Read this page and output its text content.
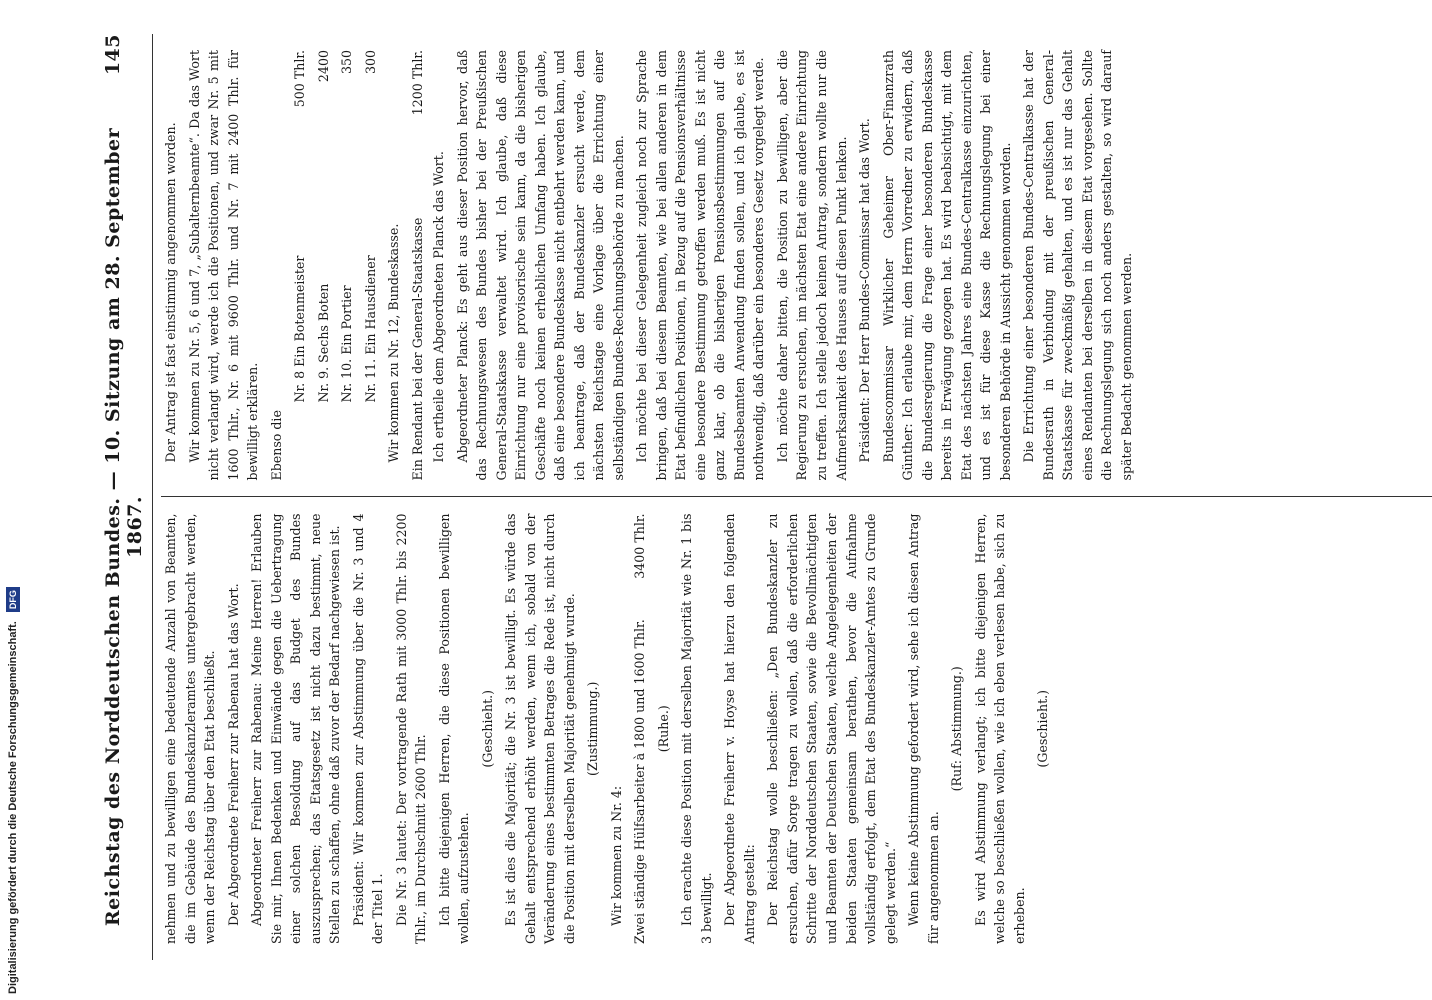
Digitalisierung gefördert durch die Deutsche Forschungsgemeinschaft. DFG	Reichstag des Norddeutschen Bundes. — 10. Sitzung am 28. September 1867.
145

nehmen und zu bewilligen eine bedeutende Anzahl von Beamten, die im Gebäude des Bundeskanzleramtes untergebracht werden, wenn der Reichstag über den Etat beschließt. Der Abgeordnete Freiherr zur Rabenau hat das Wort. Abgeordneter Freiherr zur Rabenau: Meine Herren! Erlauben Sie mir, Ihnen Bedenken und Einwände gegen die Uebertragung einer solchen Besoldung auf das Budget des Bundes auszusprechen; das Etatsgesetz ist nicht dazu bestimmt, neue Stellen zu schaffen, ohne daß zuvor der Bedarf nachgewiesen ist. Präsident: Wir kommen zur Abstimmung über die Nr. 3 und 4 der Titel 1. Die Nr. 3 lautet: Der vortragende Rath mit 3000 Thlr. bis 2200 Thlr., im Durchschnitt 2600 Thlr. Ich bitte diejenigen Herren, die diese Positionen bewilligen wollen, aufzustehen.

(Geschieht.) Es ist dies die Majorität; die Nr. 3 ist bewilligt. Es würde das Gehalt entsprechend erhöht werden, wenn ich, sobald von der Veränderung eines bestimmten Betrages die Rede ist, nicht durch die Position mit derselben Majorität genehmigt wurde. (Zustimmung.)

Wir kommen zu Nr. 4: Zwei ständige Hülfsarbeiter à 1800 und 1600 Thlr.
3400 Thlr.

(Ruhe.) Ich erachte diese Position mit derselben Majorität wie Nr. 1 bis 3 bewilligt. Der Abgeordnete Freiherr v. Hoyse hat hierzu den folgenden Antrag gestellt: Der Reichstag wolle beschließen: „Den Bundeskanzler zu ersuchen, dafür Sorge tragen zu wollen, daß die erforderlichen Schritte der Norddeutschen Staaten, sowie die Bevollmächtigten und Beamten der Deutschen Staaten, welche Angelegenheiten der beiden Staaten gemeinsam berathen, bevor die Aufnahme vollständig erfolgt, dem Etat des Bundeskanzler-Amtes zu Grunde gelegt werden.“ Wenn keine Abstimmung gefordert wird, sehe ich diesen Antrag für angenommen an.

(Ruf: Abstimmung.) Es wird Abstimmung verlangt; ich bitte diejenigen Herren, welche so beschließen wollen, wie ich eben verlesen habe, sich zu erheben.

(Geschieht.)

Der Antrag ist fast einstimmig angenommen worden. Wir kommen zu Nr. 5, 6 und 7, „Subalternbeamte“. Da das Wort nicht verlangt wird, werde ich die Positionen, und zwar Nr. 5 mit 1600 Thlr., Nr. 6 mit 9600 Thlr. und Nr. 7 mit 2400 Thlr. für bewilligt erklären. Ebenso die

Nr. 8 Ein Botenmeister
500 Thlr.

Nr. 9. Sechs Boten
2400

Nr. 10. Ein Portier
350

Nr. 11. Ein Hausdiener
300

Wir kommen zu Nr. 12, Bundeskasse. Ein Rendant bei der General-Staatskasse
1200 Thlr.

Ich ertheile dem Abgeordneten Planck das Wort. Abgeordneter Planck: Es geht aus dieser Position hervor, daß das Rechnungswesen des Bundes bisher bei der Preußischen General-Staatskasse verwaltet wird. Ich glaube, daß diese Einrichtung nur eine provisorische sein kann, da die bisherigen Geschäfte noch keinen erheblichen Umfang haben. Ich glaube, daß eine besondere Bundeskasse nicht entbehrt werden kann, und ich beantrage, daß der Bundeskanzler ersucht werde, dem nächsten Reichstage eine Vorlage über die Errichtung einer selbständigen Bundes-Rechnungsbehörde zu machen. Ich möchte bei dieser Gelegenheit zugleich noch zur Sprache bringen, daß bei diesem Beamten, wie bei allen anderen in dem Etat befindlichen Positionen, in Bezug auf die Pensionsverhältnisse eine besondere Bestimmung getroffen werden muß. Es ist nicht ganz klar, ob die bisherigen Pensionsbestimmungen auf die Bundesbeamten Anwendung finden sollen, und ich glaube, es ist nothwendig, daß darüber ein besonderes Gesetz vorgelegt werde. Ich möchte daher bitten, die Position zu bewilligen, aber die Regierung zu ersuchen, im nächsten Etat eine andere Einrichtung zu treffen. Ich stelle jedoch keinen Antrag, sondern wollte nur die Aufmerksamkeit des Hauses auf diesen Punkt lenken. Präsident: Der Herr Bundes-Commissar hat das Wort. Bundescommissar Wirklicher Geheimer Ober-Finanzrath Günther: Ich erlaube mir, dem Herrn Vorredner zu erwidern, daß die Bundesregierung die Frage einer besonderen Bundeskasse bereits in Erwägung gezogen hat. Es wird beabsichtigt, mit dem Etat des nächsten Jahres eine Bundes-Centralkasse einzurichten, und es ist für diese Kasse die Rechnungslegung bei einer besonderen Behörde in Aussicht genommen worden. Die Errichtung einer besonderen Bundes-Centralkasse hat der Bundesrath in Verbindung mit der preußischen General-Staatskasse für zweckmäßig gehalten, und es ist nur das Gehalt eines Rendanten bei derselben in diesem Etat vorgesehen. Sollte die Rechnungslegung sich noch anders gestalten, so wird darauf später Bedacht genommen werden.
